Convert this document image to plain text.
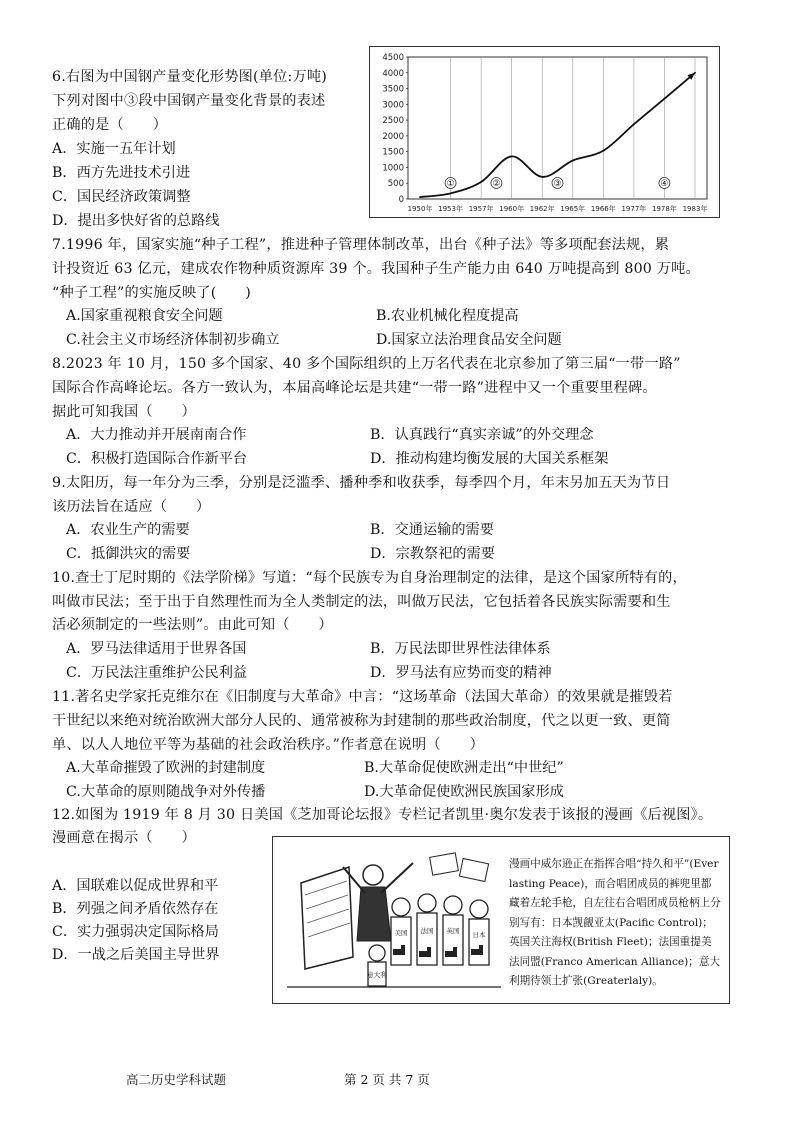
6.右图为中国钢产量变化形势图(单位:万吨)
下列对图中③段中国钢产量变化背景的表述
正确的是（　　）
A．实施一五年计划
B．西方先进技术引进
C．国民经济政策调整
D．提出多快好省的总路线
4500
4000
3500
3000
2500
2000
1500
1000
500
0
1950年 1953年 1957年 1960年 1962年 1965年 1966年 1977年 1978年 1983年
①	②	③	④
7.1996 年，国家实施“种子工程”，推进种子管理体制改革，出台《种子法》等多项配套法规，累
计投资近 63 亿元，建成农作物种质资源库 39 个。我国种子生产能力由 640 万吨提高到 800 万吨。
“种子工程”的实施反映了(　　)
A.国家重视粮食安全问题	B.农业机械化程度提高
C.社会主义市场经济体制初步确立	D.国家立法治理食品安全问题
8.2023 年 10 月，150 多个国家、40 多个国际组织的上万名代表在北京参加了第三届“一带一路”
国际合作高峰论坛。各方一致认为，本届高峰论坛是共建“一带一路”进程中又一个重要里程碑。
据此可知我国（　　）
A．大力推动并开展南南合作	B．认真践行“真实亲诚”的外交理念
C．积极打造国际合作新平台	D．推动构建均衡发展的大国关系框架
9.太阳历，每一年分为三季，分别是泛滥季、播种季和收获季，每季四个月，年末另加五天为节日
该历法旨在适应（　　）
A．农业生产的需要	B．交通运输的需要
C．抵御洪灾的需要	D．宗教祭祀的需要
10.查士丁尼时期的《法学阶梯》写道：“每个民族专为自身治理制定的法律，是这个国家所特有的，
叫做市民法；至于出于自然理性而为全人类制定的法，叫做万民法，它包括着各民族实际需要和生
活必须制定的一些法则”。由此可知（　　）
A．罗马法律适用于世界各国	B．万民法即世界性法律体系
C．万民法注重维护公民利益	D．罗马法有应势而变的精神
11.著名史学家托克维尔在《旧制度与大革命》中言：“这场革命（法国大革命）的效果就是摧毁若
干世纪以来绝对统治欧洲大部分人民的、通常被称为封建制的那些政治制度，代之以更一致、更简
单、以人人地位平等为基础的社会政治秩序。”作者意在说明（　　）
A.大革命摧毁了欧洲的封建制度	B.大革命促使欧洲走出“中世纪”
C.大革命的原则随战争对外传播	D.大革命促使欧洲民族国家形成
12.如图为 1919 年 8 月 30 日美国《芝加哥论坛报》专栏记者凯里·奥尔发表于该报的漫画《后视图》。
漫画意在揭示（　　）
A．国联难以促成世界和平
B．列强之间矛盾依然存在
C．实力强弱决定国际格局
D．一战之后美国主导世界
美国 法国 英国 日本
意大利
漫画中威尔逊正在指挥合唱“持久和平”(Everlasting Peace)，而合唱团成员的裤兜里都藏着左轮手枪，自左往右合唱团成员枪柄上分别写有：日本觊觎亚太(Pacific Control)；英国关注海权(British Fleet)；法国重提美法同盟(Franco American Alliance)；意大利期待领土扩张(Greaterlaly)。
高二历史学科试题	第 2 页 共 7 页
